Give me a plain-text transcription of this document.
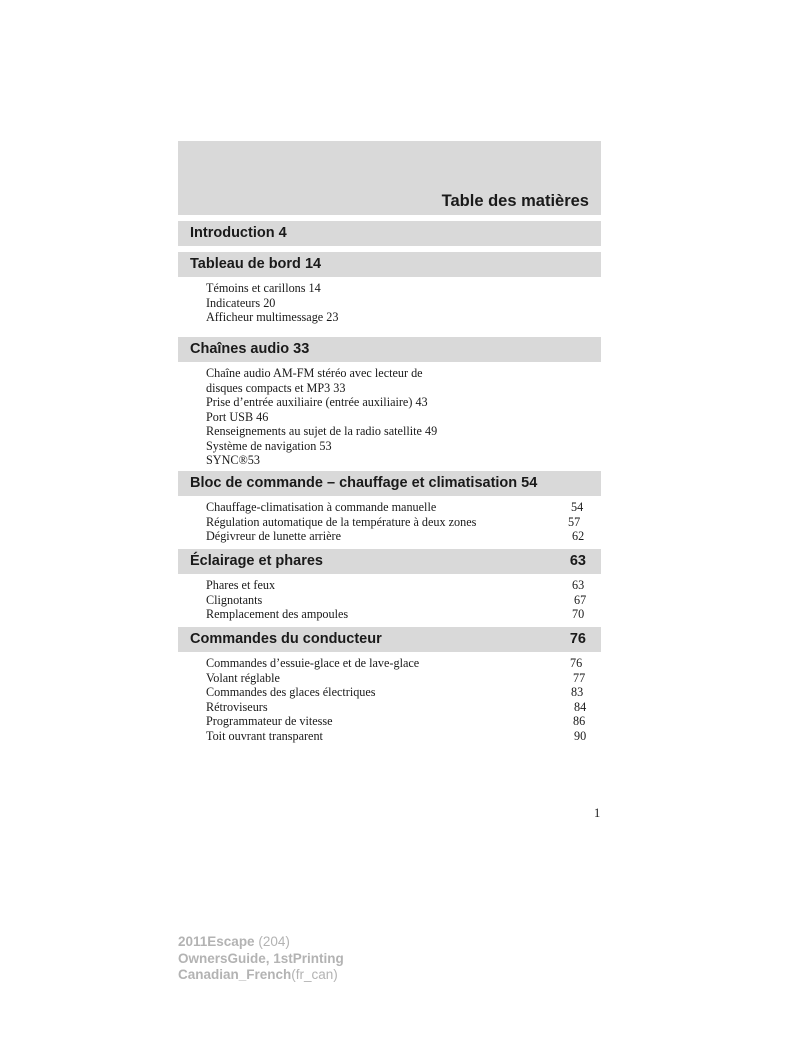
Table des matières
Introduction 4
Tableau de bord 14
Témoins et carillons 14
Indicateurs 20
Afficheur multimessage 23
Chaînes audio 33
Chaîne audio AM-FM stéréo avec lecteur de
disques compacts et MP3 33
Prise d’entrée auxiliaire (entrée auxiliaire) 43
Port USB 46
Renseignements au sujet de la radio satellite 49
Système de navigation 53
SYNC®53
Bloc de commande – chauffage et climatisation 54
Chauffage-climatisation à commande manuelle	54
Régulation automatique de la température à deux zones	57
Dégivreur de lunette arrière	62
Éclairage et phares	63
Phares et feux	63
Clignotants	67
Remplacement des ampoules	70
Commandes du conducteur	76
Commandes d’essuie-glace et de lave-glace	76
Volant réglable	77
Commandes des glaces électriques	83
Rétroviseurs	84
Programmateur de vitesse	86
Toit ouvrant transparent	90
1
2011Escape (204)
OwnersGuide, 1stPrinting
Canadian_French(fr_can)
